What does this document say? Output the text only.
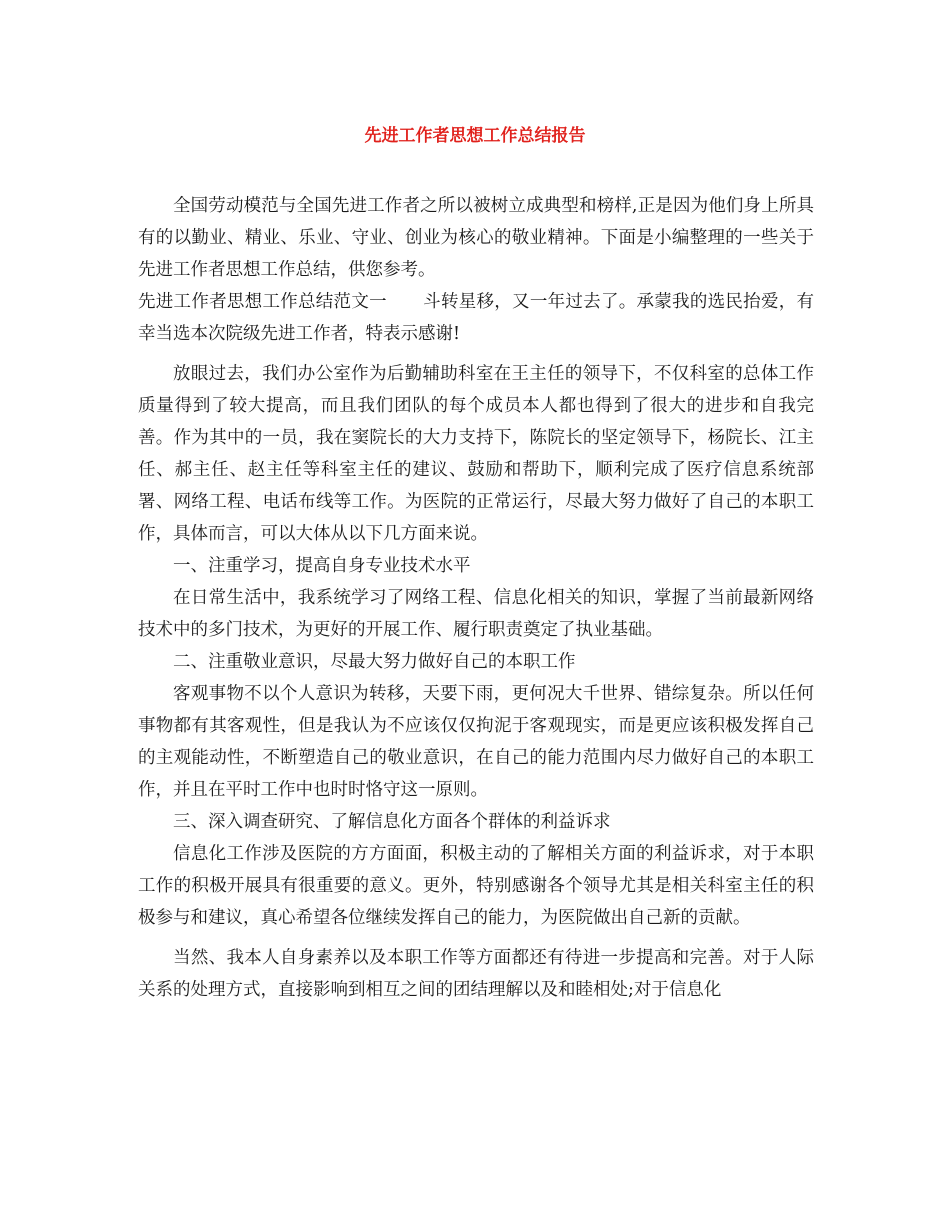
先进工作者思想工作总结报告

全国劳动模范与全国先进工作者之所以被树立成典型和榜样,正是因为他们身上所具有的以勤业、精业、乐业、守业、创业为核心的敬业精神。下面是小编整理的一些关于先进工作者思想工作总结，供您参考。

先进工作者思想工作总结范文一 斗转星移，又一年过去了。承蒙我的选民抬爱，有幸当选本次院级先进工作者，特表示感谢!

放眼过去，我们办公室作为后勤辅助科室在王主任的领导下，不仅科室的总体工作质量得到了较大提高，而且我们团队的每个成员本人都也得到了很大的进步和自我完善。作为其中的一员，我在窦院长的大力支持下，陈院长的坚定领导下，杨院长、江主任、郝主任、赵主任等科室主任的建议、鼓励和帮助下，顺利完成了医疗信息系统部署、网络工程、电话布线等工作。为医院的正常运行，尽最大努力做好了自己的本职工作，具体而言，可以大体从以下几方面来说。

一、注重学习，提高自身专业技术水平

在日常生活中，我系统学习了网络工程、信息化相关的知识，掌握了当前最新网络技术中的多门技术，为更好的开展工作、履行职责奠定了执业基础。

二、注重敬业意识，尽最大努力做好自己的本职工作

客观事物不以个人意识为转移，天要下雨，更何况大千世界、错综复杂。所以任何事物都有其客观性，但是我认为不应该仅仅拘泥于客观现实，而是更应该积极发挥自己的主观能动性，不断塑造自己的敬业意识，在自己的能力范围内尽力做好自己的本职工作，并且在平时工作中也时时恪守这一原则。

三、深入调查研究、了解信息化方面各个群体的利益诉求

信息化工作涉及医院的方方面面，积极主动的了解相关方面的利益诉求，对于本职工作的积极开展具有很重要的意义。更外，特别感谢各个领导尤其是相关科室主任的积极参与和建议，真心希望各位继续发挥自己的能力，为医院做出自己新的贡献。

当然、我本人自身素养以及本职工作等方面都还有待进一步提高和完善。对于人际关系的处理方式，直接影响到相互之间的团结理解以及和睦相处;对于信息化
